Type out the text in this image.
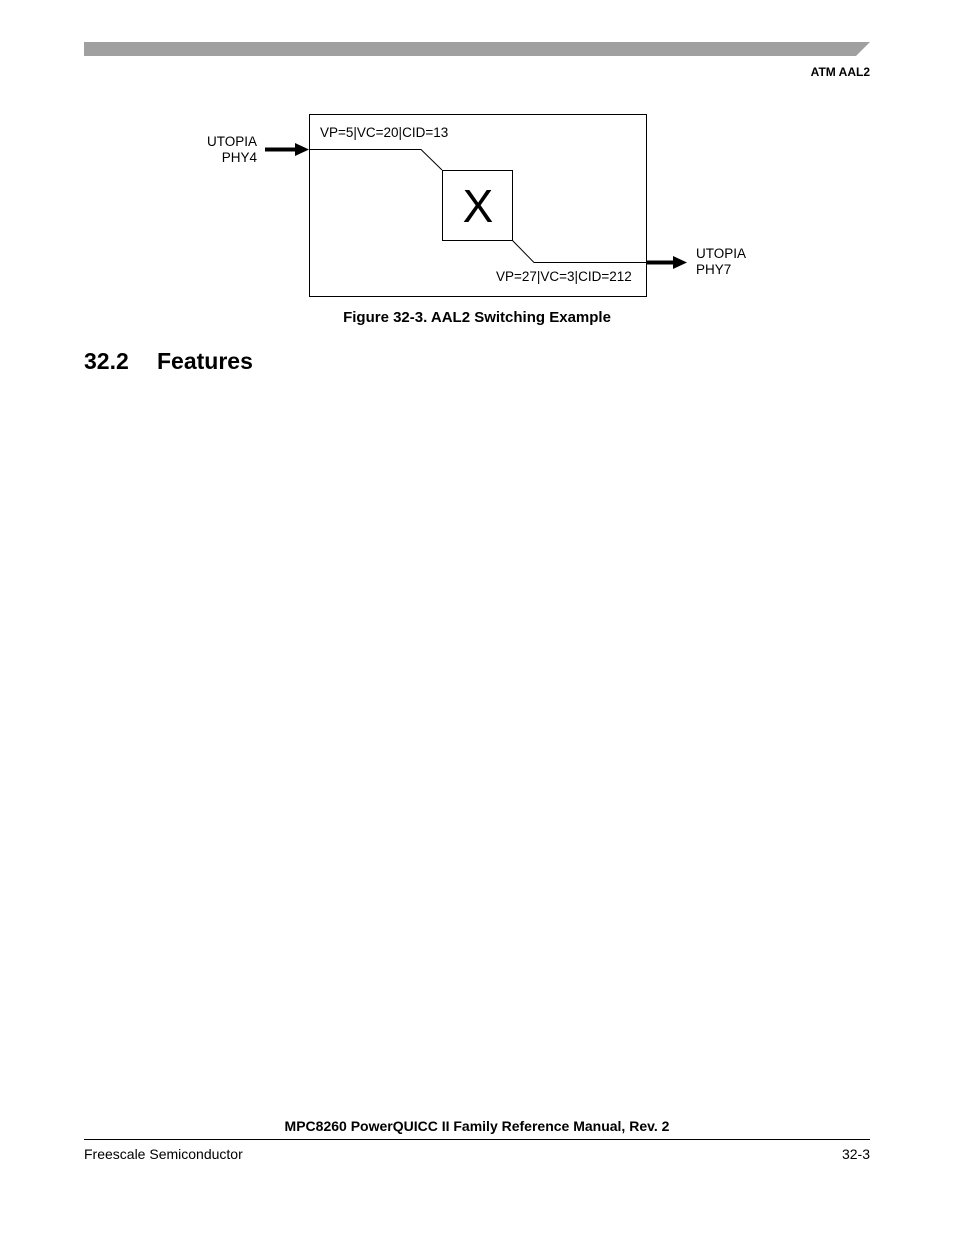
ATM AAL2
UTOPIA
PHY4
UTOPIA
PHY7
VP=5|VC=20|CID=13
VP=27|VC=3|CID=212
X
Figure 32-3. AAL2 Switching Example
32.2 Features
MPC8260 PowerQUICC II Family Reference Manual, Rev. 2
Freescale Semiconductor	32-3
